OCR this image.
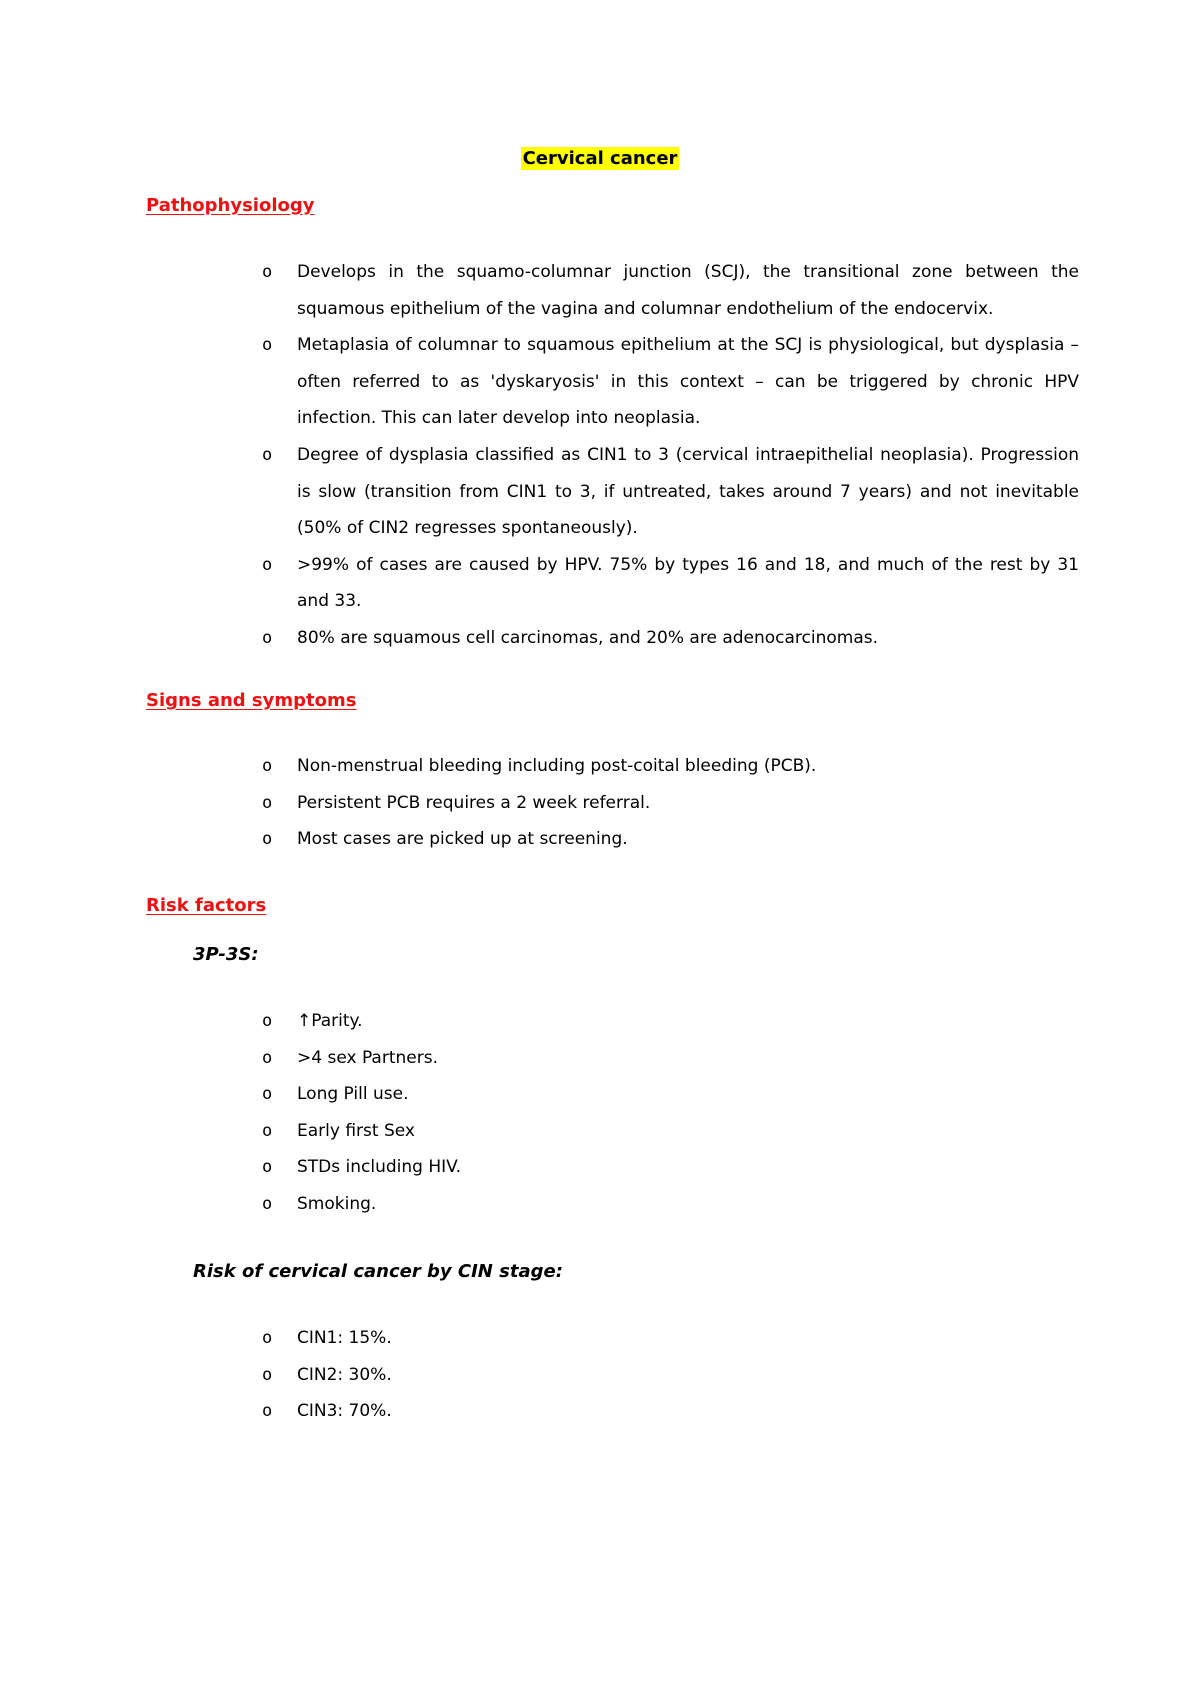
Cervical cancer
Pathophysiology
o	Develops in the squamo-columnar junction (SCJ), the transitional zone between the squamous epithelium of the vagina and columnar endothelium of the endocervix.
o	Metaplasia of columnar to squamous epithelium at the SCJ is physiological, but dysplasia – often referred to as 'dyskaryosis' in this context – can be triggered by chronic HPV infection. This can later develop into neoplasia.
o	Degree of dysplasia classified as CIN1 to 3 (cervical intraepithelial neoplasia). Progression is slow (transition from CIN1 to 3, if untreated, takes around 7 years) and not inevitable (50% of CIN2 regresses spontaneously).
o	>99% of cases are caused by HPV. 75% by types 16 and 18, and much of the rest by 31 and 33.
o	80% are squamous cell carcinomas, and 20% are adenocarcinomas.
Signs and symptoms
o	Non-menstrual bleeding including post-coital bleeding (PCB).
o	Persistent PCB requires a 2 week referral.
o	Most cases are picked up at screening.
Risk factors

3P-3S:

o	↑Parity.
o	>4 sex Partners.
o	Long Pill use.
o	Early first Sex
o	STDs including HIV.
o	Smoking.

Risk of cervical cancer by CIN stage:

o	CIN1: 15%.
o	CIN2: 30%.
o	CIN3: 70%.
